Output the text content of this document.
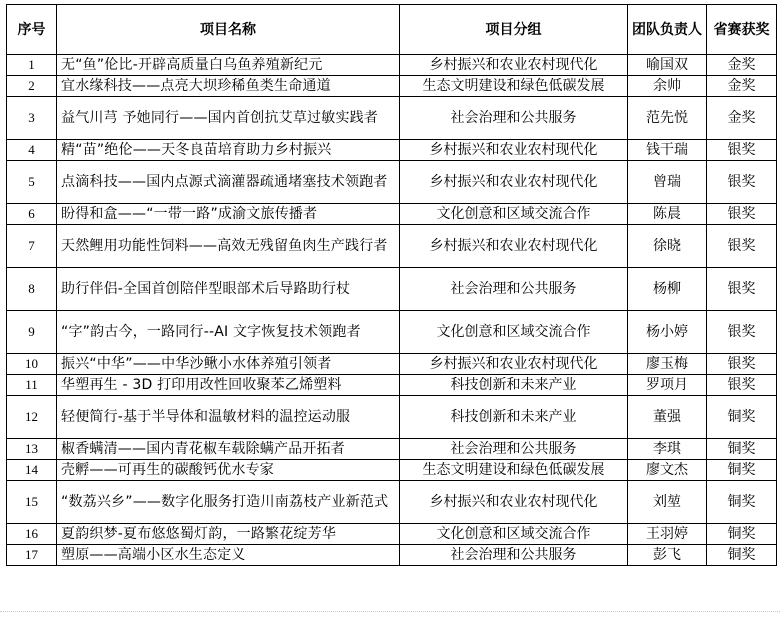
序号	项目名称	项目分组	团队负责人	省赛获奖
1	无“鱼”伦比-开辟高质量白乌鱼养殖新纪元	乡村振兴和农业农村现代化	喻国双	金奖
2	宜水缘科技——点亮大坝珍稀鱼类生命通道	生态文明建设和绿色低碳发展	余帅	金奖
3	益气川芎 予她同行——国内首创抗艾草过敏实践者	社会治理和公共服务	范先悦	金奖
4	精“苗”绝伦——天冬良苗培育助力乡村振兴	乡村振兴和农业农村现代化	钱干瑞	银奖
5	点滴科技——国内点源式滴灌器疏通堵塞技术领跑者	乡村振兴和农业农村现代化	曾瑞	银奖
6	盼得和盒——“一带一路”成渝文旅传播者	文化创意和区域交流合作	陈晨	银奖
7	天然鲤用功能性饲料——高效无残留鱼肉生产践行者	乡村振兴和农业农村现代化	徐晓	银奖
8	助行伴侣-全国首创陪伴型眼部术后导路助行杖	社会治理和公共服务	杨柳	银奖
9	“字”韵古今，一路同行--AI 文字恢复技术领跑者	文化创意和区域交流合作	杨小婷	银奖
10	振兴“中华”——中华沙鳅小水体养殖引领者	乡村振兴和农业农村现代化	廖玉梅	银奖
11	华塑再生 - 3D 打印用改性回收聚苯乙烯塑料	科技创新和未来产业	罗项月	银奖
12	轻便简行-基于半导体和温敏材料的温控运动服	科技创新和未来产业	董强	铜奖
13	椒香螨清——国内青花椒车载除螨产品开拓者	社会治理和公共服务	李琪	铜奖
14	壳孵——可再生的碳酸钙优水专家	生态文明建设和绿色低碳发展	廖文杰	铜奖
15	“数荔兴乡”——数字化服务打造川南荔枝产业新范式	乡村振兴和农业农村现代化	刘堃	铜奖
16	夏韵织梦-夏布悠悠蜀灯韵，一路繁花绽芳华	文化创意和区域交流合作	王羽婷	铜奖
17	塑原——高端小区水生态定义	社会治理和公共服务	彭飞	铜奖
